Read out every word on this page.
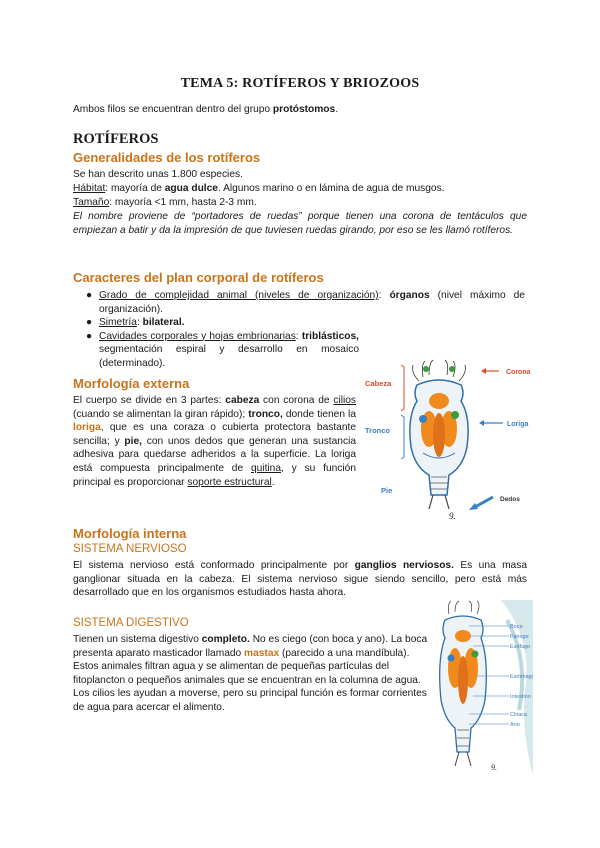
TEMA 5: ROTÍFEROS Y BRIOZOOS
Ambos filos se encuentran dentro del grupo protóstomos.
ROTÍFEROS
Generalidades de los rotíferos
Se han descrito unas 1.800 especies.
Hábitat: mayoría de agua dulce. Algunos marino o en lámina de agua de musgos.
Tamaño: mayoría <1 mm, hasta 2-3 mm.
El nombre proviene de “portadores de ruedas” porque tienen una corona de tentáculos que empiezan a batir y da la impresión de que tuviesen ruedas girando, por eso se les llamó rotíferos.
Caracteres del plan corporal de rotíferos
● Grado de complejidad animal (niveles de organización): órganos (nivel máximo de organización).
● Simetría: bilateral.
● Cavidades corporales y hojas embrionarias: triblásticos, segmentación espiral y desarrollo en mosaico (determinado).
Morfología externa
El cuerpo se divide en 3 partes: cabeza con corona de cilios (cuando se alimentan la giran rápido); tronco, donde tienen la loriga, que es una coraza o cubierta protectora bastante sencilla; y pie, con unos dedos que generan una sustancia adhesiva para quedarse adheridos a la superficie. La loriga está compuesta principalmente de quitina, y su función principal es proporcionar soporte estructural.
Cabeza
Corona
Tronco
Loriga
Pie
Dedos
9.
Morfología interna
SISTEMA NERVIOSO
El sistema nervioso está conformado principalmente por ganglios nerviosos. Es una masa ganglionar situada en la cabeza. El sistema nervioso sigue siendo sencillo, pero está más desarrollado que en los organismos estudiados hasta ahora.
SISTEMA DIGESTIVO
Tienen un sistema digestivo completo. No es ciego (con boca y ano). La boca presenta aparato masticador llamado mastax (parecido a una mandíbula). Estos animales filtran agua y se alimentan de pequeñas partículas del fitoplancton o pequeños animales que se encuentran en la columna de agua. Los cilios les ayudan a moverse, pero su principal función es formar corrientes de agua para acercar el alimento.
Boca
Faringe
Esófago
Estómago
Intestino
Cloaca
Ano
9.
